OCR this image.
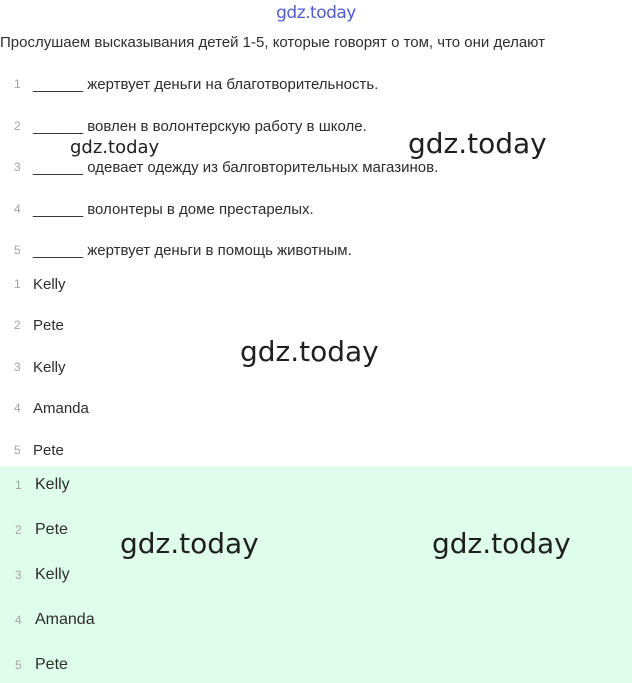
gdz.today
Прослушаем высказывания детей 1-5, которые говорят о том, что они делают
1 ______ жертвует деньги на благотворительность.
2 ______ вовлен в волонтерскую работу в школе.
3 ______ одевает одежду из балговторительных магазинов.
4 ______ волонтеры в доме престарелых.
5 ______ жертвует деньги в помощь животным.
1 Kelly
2 Pete
3 Kelly
4 Amanda
5 Pete
1 Kelly
2 Pete
3 Kelly
4 Amanda
5 Pete
gdz.today	gdz.today
gdz.today
gdz.today	gdz.today
